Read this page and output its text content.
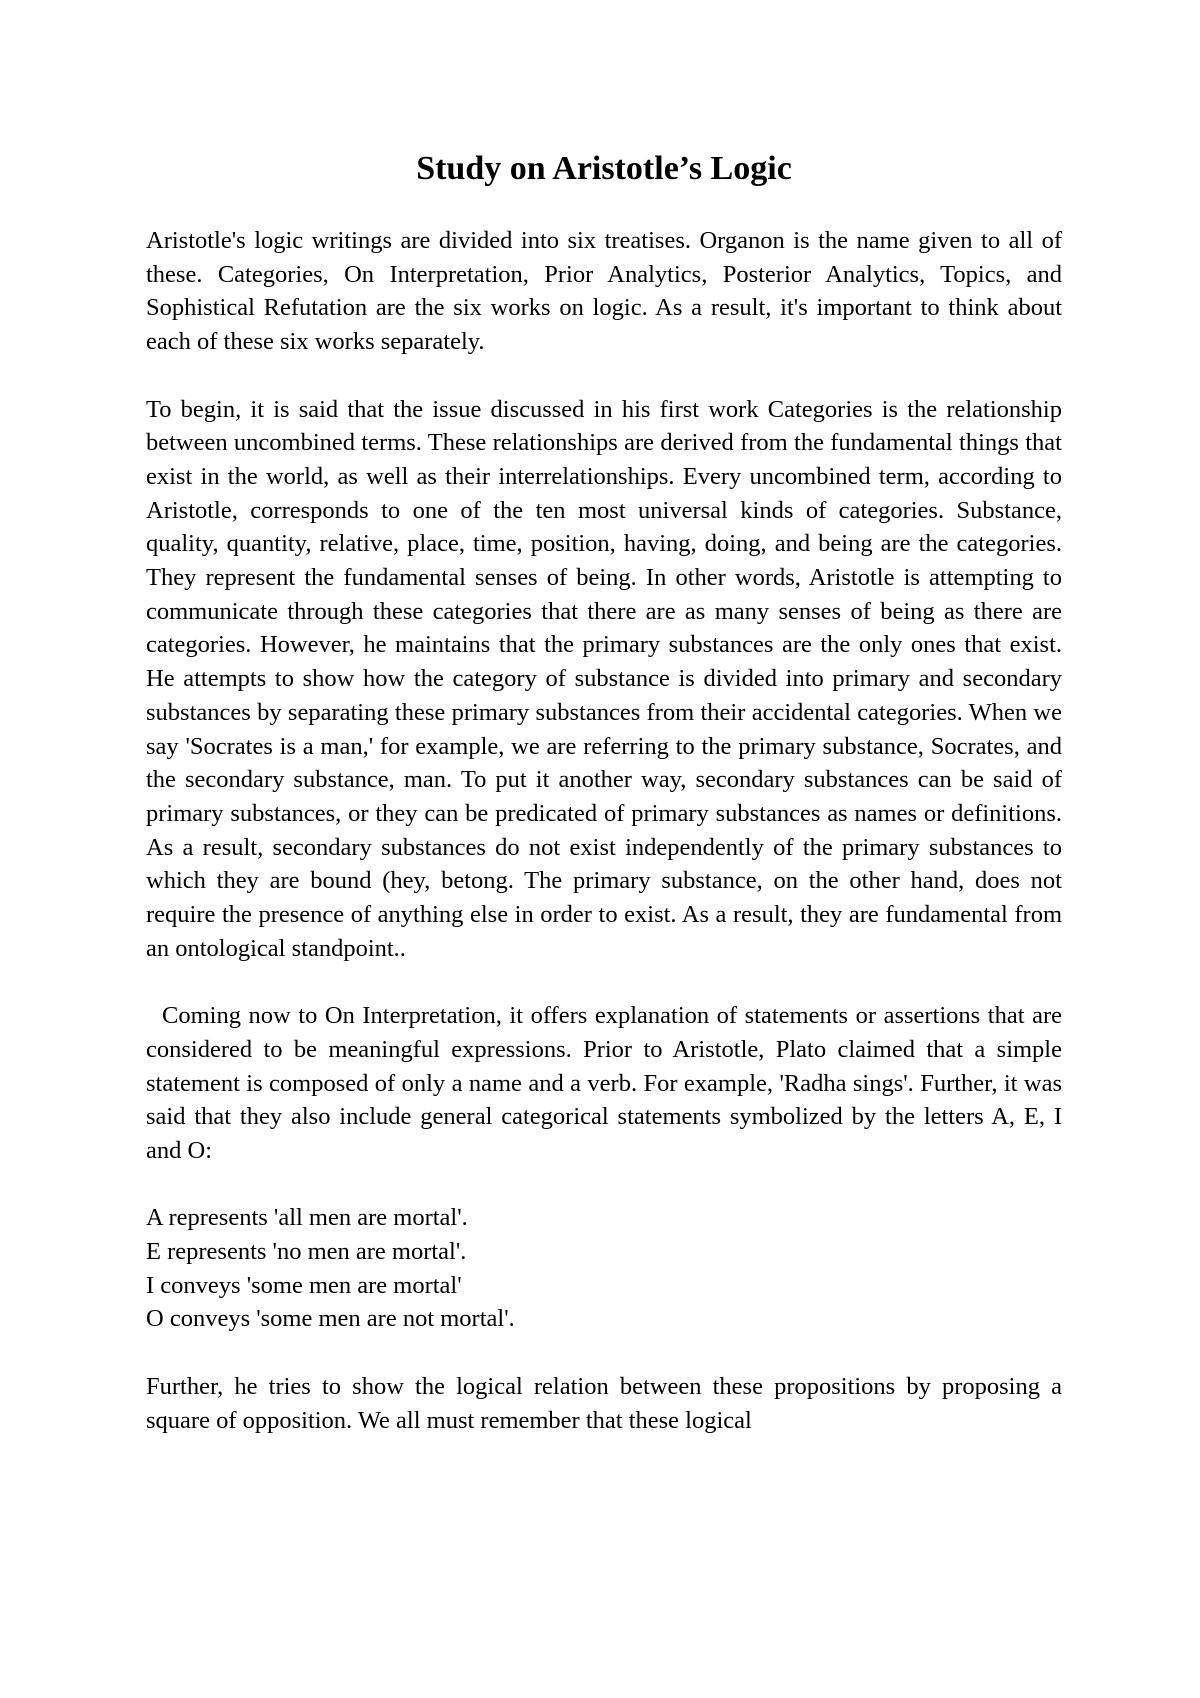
Study on Aristotle’s Logic

Aristotle's logic writings are divided into six treatises. Organon is the name given to all of these. Categories, On Interpretation, Prior Analytics, Posterior Analytics, Topics, and Sophistical Refutation are the six works on logic. As a result, it's important to think about each of these six works separately.

To begin, it is said that the issue discussed in his first work Categories is the relationship between uncombined terms. These relationships are derived from the fundamental things that exist in the world, as well as their interrelationships. Every uncombined term, according to Aristotle, corresponds to one of the ten most universal kinds of categories. Substance, quality, quantity, relative, place, time, position, having, doing, and being are the categories. They represent the fundamental senses of being. In other words, Aristotle is attempting to communicate through these categories that there are as many senses of being as there are categories. However, he maintains that the primary substances are the only ones that exist. He attempts to show how the category of substance is divided into primary and secondary substances by separating these primary substances from their accidental categories. When we say 'Socrates is a man,' for example, we are referring to the primary substance, Socrates, and the secondary substance, man. To put it another way, secondary substances can be said of primary substances, or they can be predicated of primary substances as names or definitions. As a result, secondary substances do not exist independently of the primary substances to which they are bound (hey, betong. The primary substance, on the other hand, does not require the presence of anything else in order to exist. As a result, they are fundamental from an ontological standpoint..

Coming now to On Interpretation, it offers explanation of statements or assertions that are considered to be meaningful expressions. Prior to Aristotle, Plato claimed that a simple statement is composed of only a name and a verb. For example, 'Radha sings'. Further, it was said that they also include general categorical statements symbolized by the letters A, E, I and O:

A represents 'all men are mortal'.
E represents 'no men are mortal'.
I conveys 'some men are mortal'
O conveys 'some men are not mortal'.

Further, he tries to show the logical relation between these propositions by proposing a square of opposition. We all must remember that these logical
